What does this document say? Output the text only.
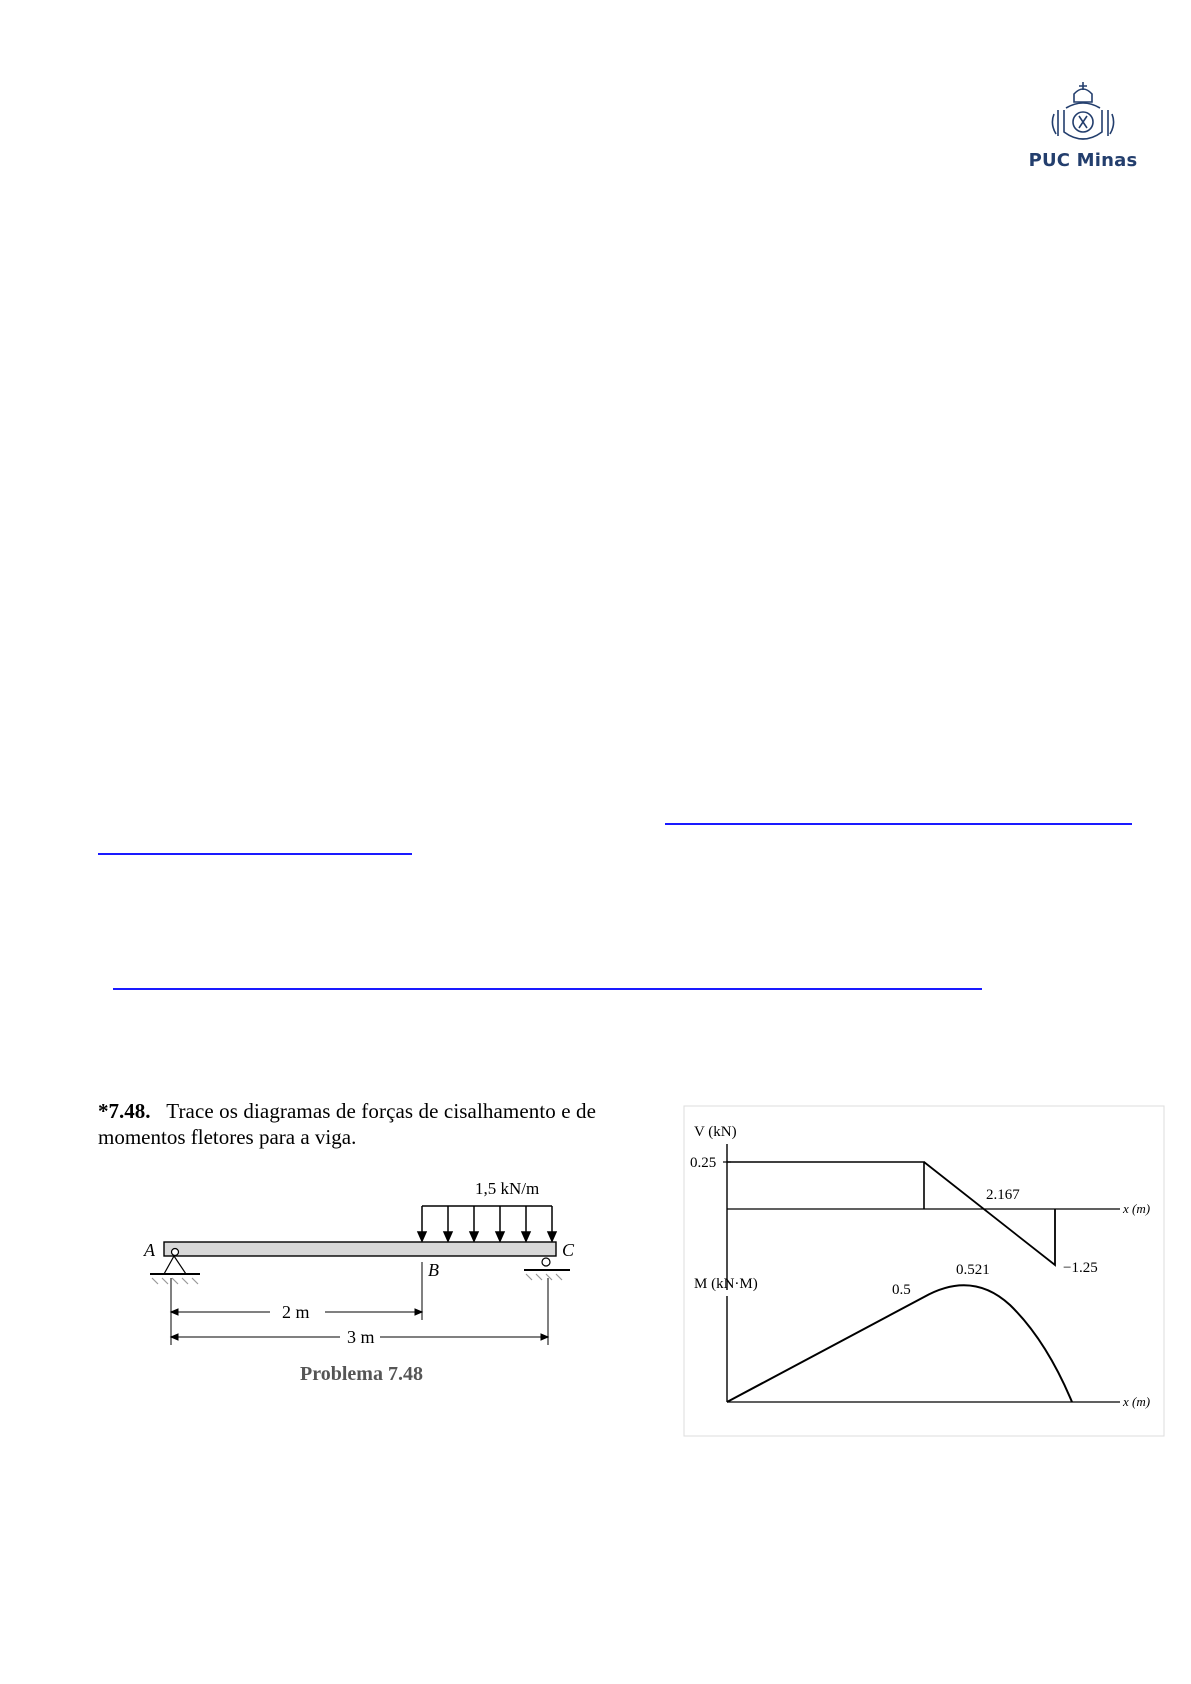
PUC Minas
*7.48. Trace os diagramas de forças de cisalhamento e de
momentos fletores para a viga.
1,5 kN/m
A	C
B
2 m
3 m
Problema 7.48
V (kN)
x (m)
0.25
2.167
−1.25
M (kN·M)
x (m)
0.5
0.521
